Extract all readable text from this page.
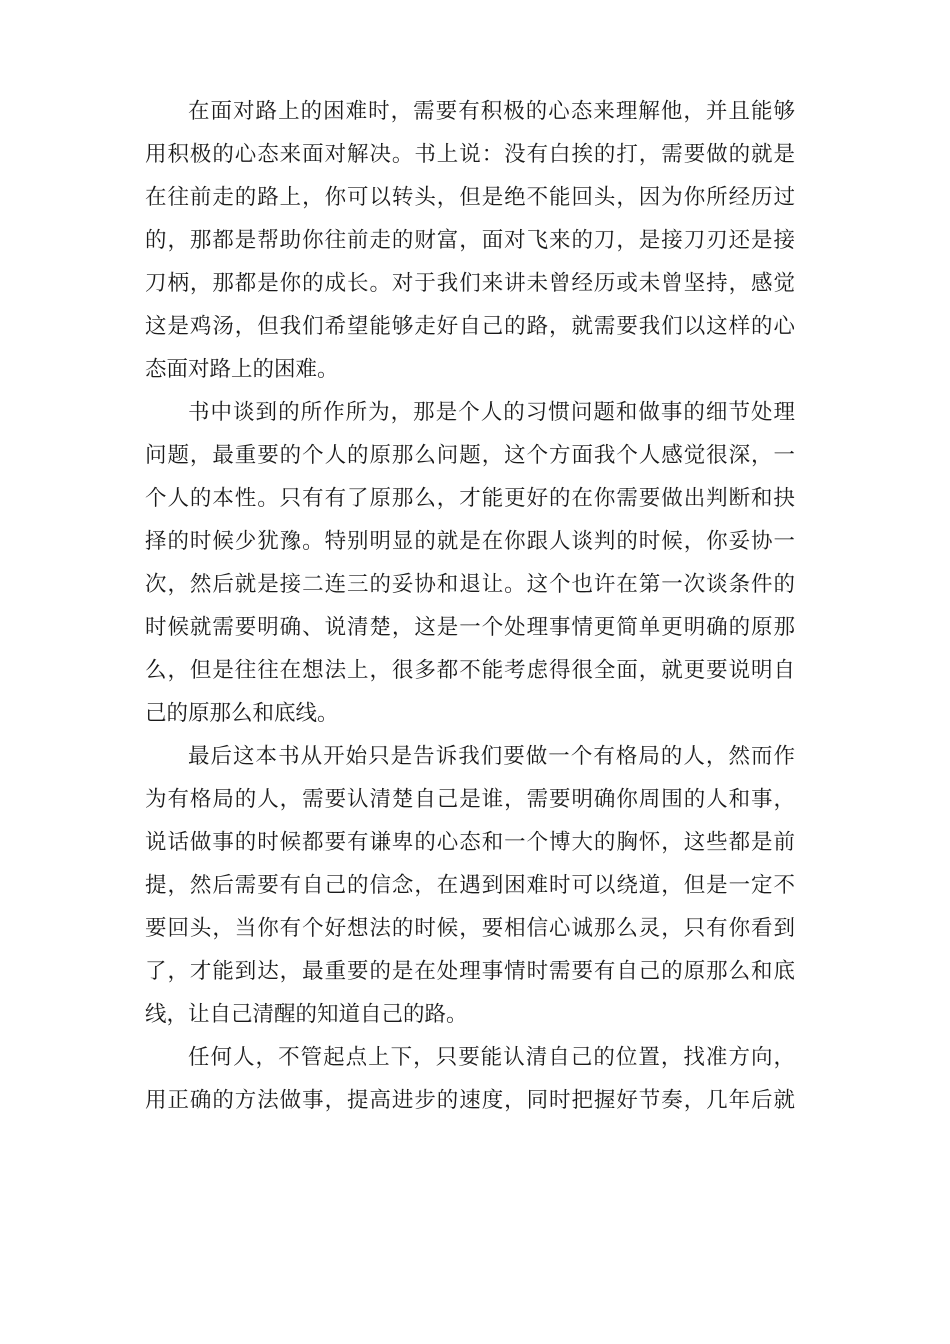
在面对路上的困难时，需要有积极的心态来理解他，并且能够
用积极的心态来面对解决。书上说：没有白挨的打，需要做的就是
在往前走的路上，你可以转头，但是绝不能回头，因为你所经历过
的，那都是帮助你往前走的财富，面对飞来的刀，是接刀刃还是接
刀柄，那都是你的成长。对于我们来讲未曾经历或未曾坚持，感觉
这是鸡汤，但我们希望能够走好自己的路，就需要我们以这样的心
态面对路上的困难。
书中谈到的所作所为，那是个人的习惯问题和做事的细节处理
问题，最重要的个人的原那么问题，这个方面我个人感觉很深，一
个人的本性。只有有了原那么，才能更好的在你需要做出判断和抉
择的时候少犹豫。特别明显的就是在你跟人谈判的时候，你妥协一
次，然后就是接二连三的妥协和退让。这个也许在第一次谈条件的
时候就需要明确、说清楚，这是一个处理事情更简单更明确的原那
么，但是往往在想法上，很多都不能考虑得很全面，就更要说明自
己的原那么和底线。
最后这本书从开始只是告诉我们要做一个有格局的人，然而作
为有格局的人，需要认清楚自己是谁，需要明确你周围的人和事，
说话做事的时候都要有谦卑的心态和一个博大的胸怀，这些都是前
提，然后需要有自己的信念，在遇到困难时可以绕道，但是一定不
要回头，当你有个好想法的时候，要相信心诚那么灵，只有你看到
了，才能到达，最重要的是在处理事情时需要有自己的原那么和底
线，让自己清醒的知道自己的路。
任何人，不管起点上下，只要能认清自己的位置，找准方向，
用正确的方法做事，提高进步的速度，同时把握好节奏，几年后就
